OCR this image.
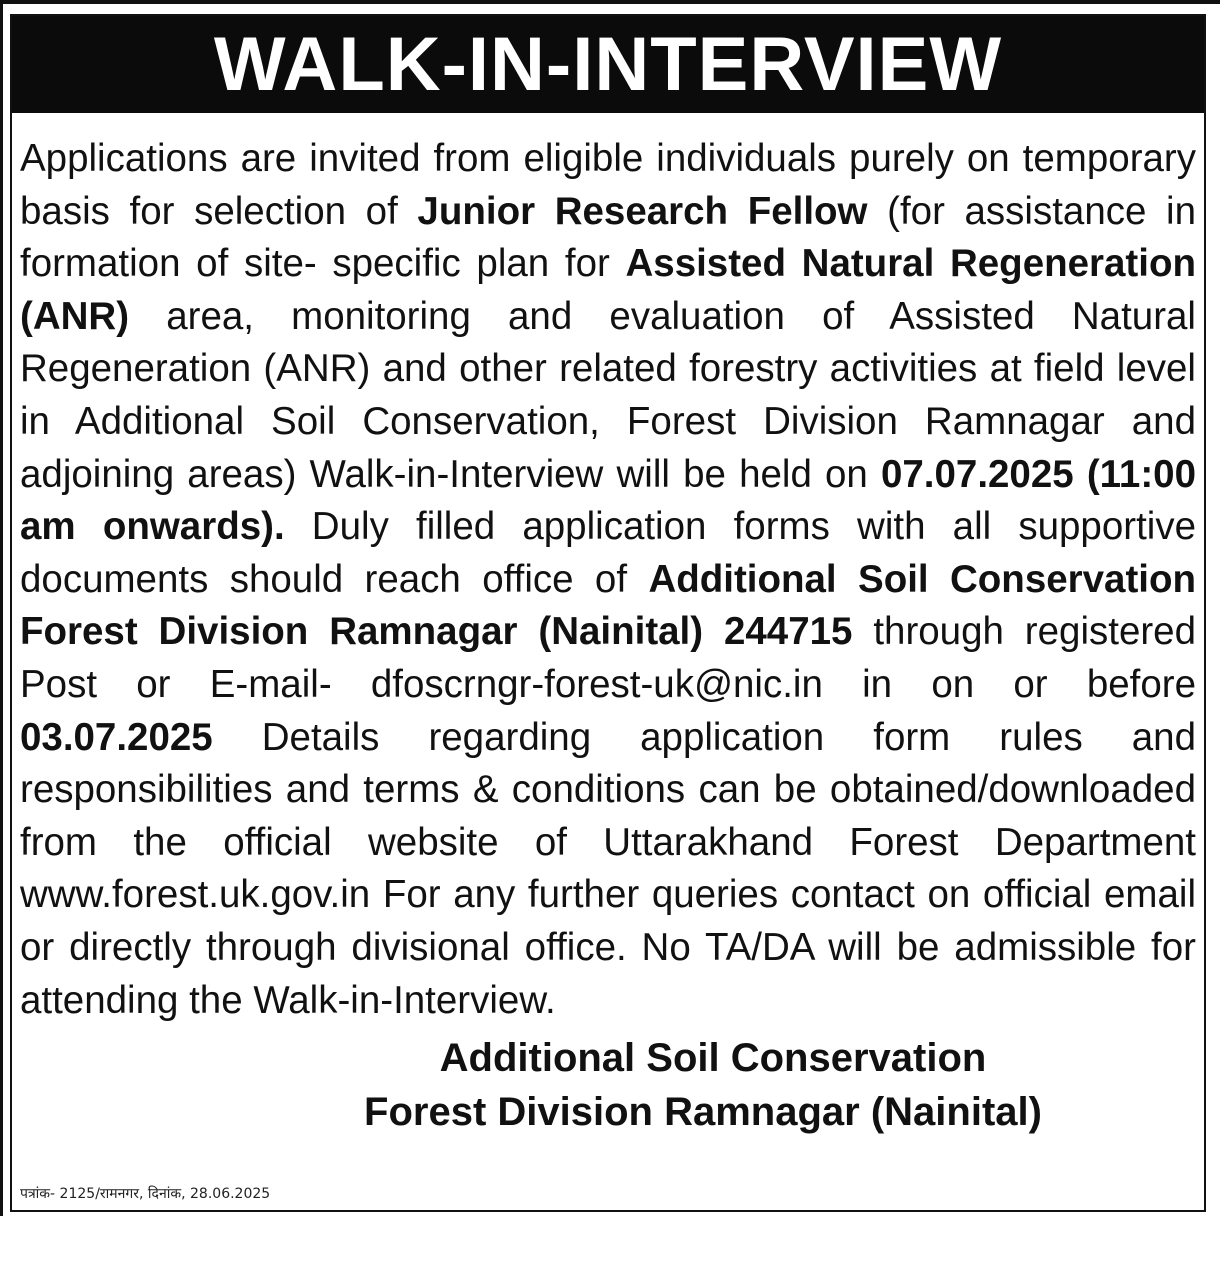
WALK-IN-INTERVIEW

Applications are invited from eligible individuals purely on temporary basis for selection of Junior Research Fellow (for assistance in formation of site- specific plan for Assisted Natural Regeneration (ANR) area, monitoring and evaluation of Assisted Natural Regeneration (ANR) and other related forestry activities at field level in Additional Soil Conservation, Forest Division Ramnagar and adjoining areas) Walk-in-Interview will be held on 07.07.2025 (11:00 am onwards). Duly filled application forms with all supportive documents should reach office of Additional Soil Conservation Forest Division Ramnagar (Nainital) 244715 through registered Post or E-mail- dfoscrngr-forest-uk@nic.in in on or before 03.07.2025 Details regarding application form rules and responsibilities and terms & conditions can be obtained/downloaded from the official website of Uttarakhand Forest Department www.forest.uk.gov.in For any further queries contact on official email or directly through divisional office. No TA/DA will be admissible for attending the Walk-in-Interview.

Additional Soil Conservation
Forest Division Ramnagar (Nainital)
पत्रांक- 2125/रामनगर, दिनांक, 28.06.2025
